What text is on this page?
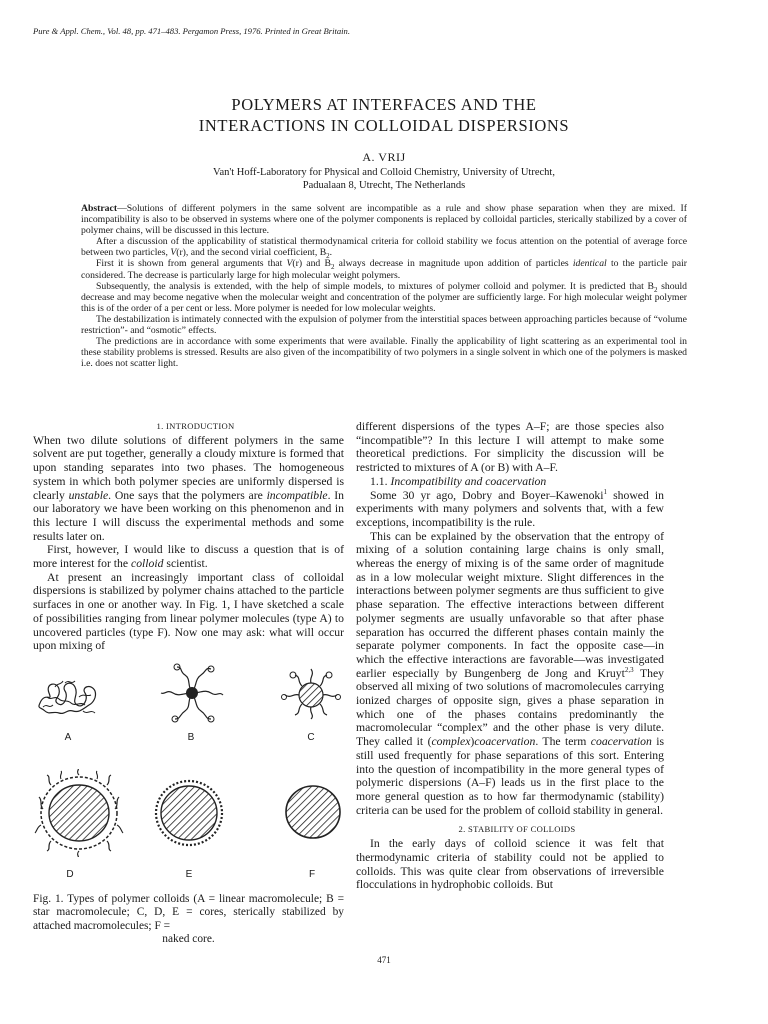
Pure & Appl. Chem., Vol. 48, pp. 471–483. Pergamon Press, 1976. Printed in Great Britain.
POLYMERS AT INTERFACES AND THE
INTERACTIONS IN COLLOIDAL DISPERSIONS
A. VRIJ
Van't Hoff-Laboratory for Physical and Colloid Chemistry, University of Utrecht,
Padualaan 8, Utrecht, The Netherlands

Abstract—Solutions of different polymers in the same solvent are incompatible as a rule and show phase separation when they are mixed. If incompatibility is also to be observed in systems where one of the polymer components is replaced by colloidal particles, sterically stabilized by a cover of polymer chains, will be discussed in this lecture.

After a discussion of the applicability of statistical thermodynamical criteria for colloid stability we focus attention on the potential of average force between two particles, V(r), and the second virial coefficient, $B_2$.

First it is shown from general arguments that V(r) and $B_2$ always decrease in magnitude upon addition of particles identical to the particle pair considered. The decrease is particularly large for high molecular weight polymers.

Subsequently, the analysis is extended, with the help of simple models, to mixtures of polymer colloid and polymer. It is predicted that $B_2$ should decrease and may become negative when the molecular weight and concentration of the polymer are sufficiently large. For high molecular weight polymer this is of the order of a per cent or less. More polymer is needed for low molecular weights.

The destabilization is intimately connected with the expulsion of polymer from the interstitial spaces between approaching particles because of “volume restriction”- and “osmotic” effects.

The predictions are in accordance with some experiments that were available. Finally the applicability of light scattering as an experimental tool in these stability problems is stressed. Results are also given of the incompatibility of two polymers in a single solvent in which one of the polymers is masked i.e. does not scatter light.

1. INTRODUCTION

When two dilute solutions of different polymers in the same solvent are put together, generally a cloudy mixture is formed that upon standing separates into two phases. The homogeneous system in which both polymer species are uniformly dispersed is clearly unstable. One says that the polymers are incompatible. In our laboratory we have been working on this phenomenon and in this lecture I will discuss the experimental methods and some results later on.

First, however, I would like to discuss a question that is of more interest for the colloid scientist.

At present an increasingly important class of colloidal dispersions is stabilized by polymer chains attached to the particle surfaces in one or another way. In Fig. 1, I have sketched a scale of possibilities ranging from linear polymer molecules (type A) to uncovered particles (type F). Now one may ask: what will occur upon mixing of

A	B	C
D	E	F
Fig. 1. Types of polymer colloids (A = linear macromolecule; B = star macromolecule; C, D, E = cores, sterically stabilized by attached macromolecules; F =
naked core.

different dispersions of the types A–F; are those species also “incompatible”? In this lecture I will attempt to make some theoretical predictions. For simplicity the discussion will be restricted to mixtures of A (or B) with A–F.

1.1. Incompatibility and coacervation

Some 30 yr ago, Dobry and Boyer–Kawenoki$^1$ showed in experiments with many polymers and solvents that, with a few exceptions, incompatibility is the rule.

This can be explained by the observation that the entropy of mixing of a solution containing large chains is only small, whereas the energy of mixing is of the same order of magnitude as in a low molecular weight mixture. Slight differences in the interactions between polymer segments are thus sufficient to give phase separation. The effective interactions between different polymer segments are usually unfavorable so that after phase separation has occurred the different phases contain mainly the separate polymer components. In fact the opposite case—in which the effective interactions are favorable—was investigated earlier especially by Bungenberg de Jong and Kruyt$^{2,3}$ They observed all mixing of two solutions of macromolecules carrying ionized charges of opposite sign, gives a phase separation in which one of the phases contains predominantly the macromolecular “complex” and the other phase is very dilute. They called it (complex)coacervation. The term coacervation is still used frequently for phase separations of this sort. Entering into the question of incompatibility in the more general types of polymeric dispersions (A–F) leads us in the first place to the more general question as to how far thermodynamic (stability) criteria can be used for the problem of colloid stability in general.

2. STABILITY OF COLLOIDS

In the early days of colloid science it was felt that thermodynamic criteria of stability could not be applied to colloids. This was quite clear from observations of irreversible flocculations in hydrophobic colloids. But

471
